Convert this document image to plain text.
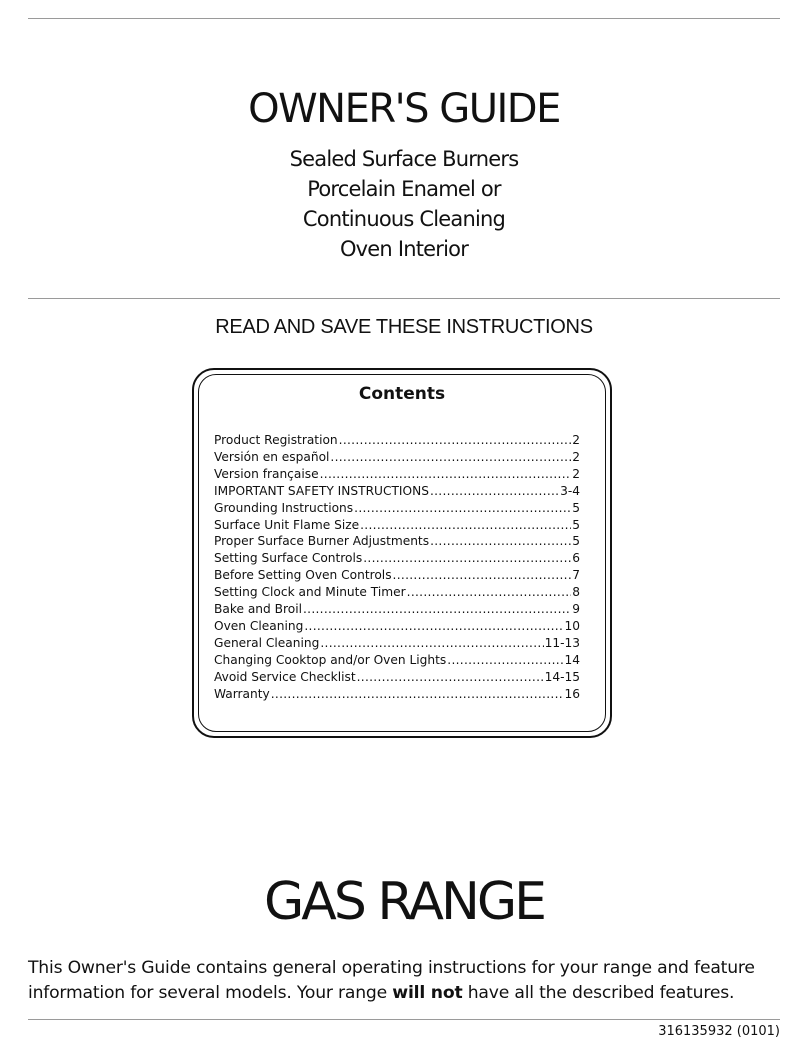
OWNER'S GUIDE
Sealed Surface Burners
Porcelain Enamel or
Continuous Cleaning
Oven Interior
READ AND SAVE THESE INSTRUCTIONS
Contents
Product Registration .....	2
Versión en español .....	2
Version française .....	2
IMPORTANT SAFETY INSTRUCTIONS .....	3-4
Grounding Instructions .....	5
Surface Unit Flame Size .....	5
Proper Surface Burner Adjustments .....	5
Setting Surface Controls .....	6
Before Setting Oven Controls .....	7
Setting Clock and Minute Timer .....	8
Bake and Broil .....	9
Oven Cleaning .....	10
General Cleaning .....	11-13
Changing Cooktop and/or Oven Lights .....	14
Avoid Service Checklist .....	14-15
Warranty .....	16
GAS RANGE
This Owner's Guide contains general operating instructions for your range and feature information for several models. Your range will not have all the described features.
316135932 (0101)
